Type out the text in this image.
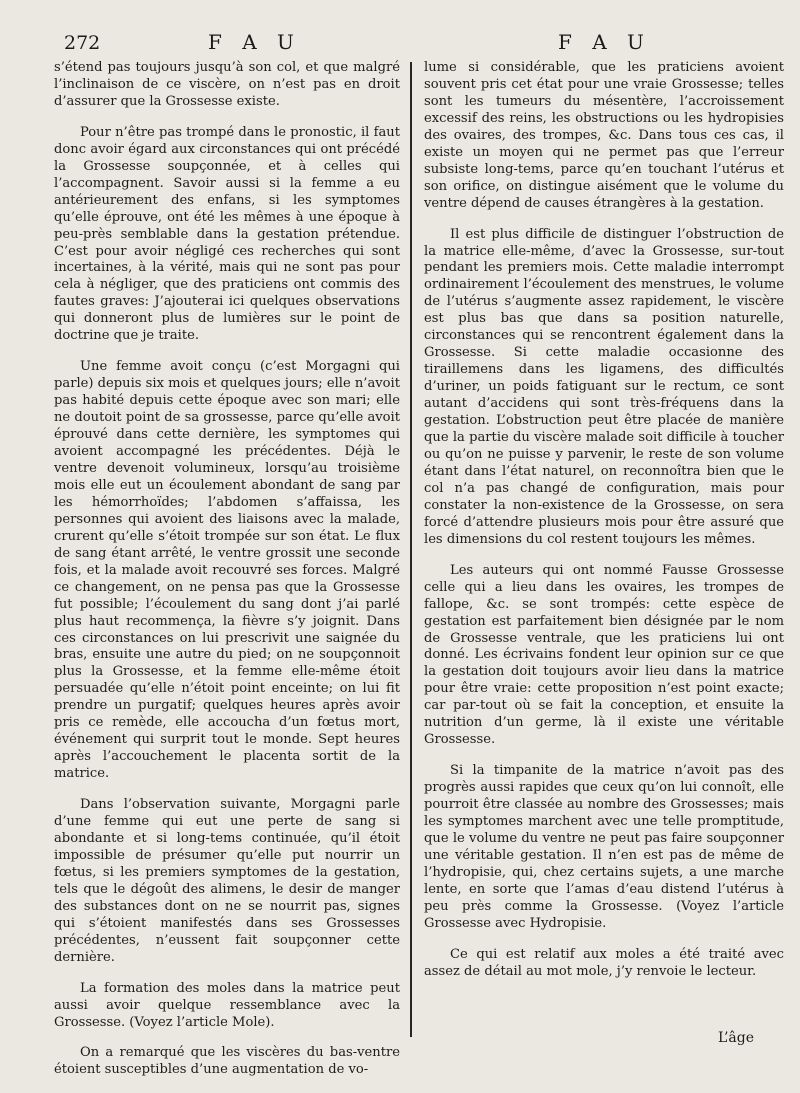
272	F A U	F A U

s’étend pas toujours jusqu’à son col, et que malgré l’inclinaison de ce viscère, on n’est pas en droit d’assurer que la Grossesse existe.

Pour n’être pas trompé dans le pronostic, il faut donc avoir égard aux circonstances qui ont précédé la Grossesse soupçonnée, et à celles qui l’accompagnent. Savoir aussi si la femme a eu antérieurement des enfans, si les symptomes qu’elle éprouve, ont été les mêmes à une époque à peu-près semblable dans la gestation prétendue. C’est pour avoir négligé ces recherches qui sont incertaines, à la vérité, mais qui ne sont pas pour cela à négliger, que des praticiens ont commis des fautes graves: J’ajouterai ici quelques observations qui donneront plus de lumières sur le point de doctrine que je traite.

Une femme avoit conçu (c’est Morgagni qui parle) depuis six mois et quelques jours; elle n’avoit pas habité depuis cette époque avec son mari; elle ne doutoit point de sa grossesse, parce qu’elle avoit éprouvé dans cette dernière, les symptomes qui avoient accompagné les précédentes. Déjà le ventre devenoit volumineux, lorsqu’au troisième mois elle eut un écoulement abondant de sang par les hémorrhoïdes; l’abdomen s’affaissa, les personnes qui avoient des liaisons avec la malade, crurent qu’elle s’étoit trompée sur son état. Le flux de sang étant arrêté, le ventre grossit une seconde fois, et la malade avoit recouvré ses forces. Malgré ce changement, on ne pensa pas que la Grossesse fut possible; l’écoulement du sang dont j’ai parlé plus haut recommença, la fièvre s’y joignit. Dans ces circonstances on lui prescrivit une saignée du bras, ensuite une autre du pied; on ne soupçonnoit plus la Grossesse, et la femme elle-même étoit persuadée qu’elle n’étoit point enceinte; on lui fit prendre un purgatif; quelques heures après avoir pris ce remède, elle accoucha d’un fœtus mort, événement qui surprit tout le monde. Sept heures après l’accouchement le placenta sortit de la matrice.

Dans l’observation suivante, Morgagni parle d’une femme qui eut une perte de sang si abondante et si long-tems continuée, qu’il étoit impossible de présumer qu’elle put nourrir un fœtus, si les premiers symptomes de la gestation, tels que le dégoût des alimens, le desir de manger des substances dont on ne se nourrit pas, signes qui s’étoient manifestés dans ses Grossesses précédentes, n’eussent fait soupçonner cette dernière.

La formation des moles dans la matrice peut aussi avoir quelque ressemblance avec la Grossesse. (Voyez l’article Mole).

On a remarqué que les viscères du bas-ventre étoient susceptibles d’une augmentation de vo-

lume si considérable, que les praticiens avoient souvent pris cet état pour une vraie Grossesse; telles sont les tumeurs du mésentère, l’accroissement excessif des reins, les obstructions ou les hydropisies des ovaires, des trompes, &c. Dans tous ces cas, il existe un moyen qui ne permet pas que l’erreur subsiste long-tems, parce qu’en touchant l’utérus et son orifice, on distingue aisément que le volume du ventre dépend de causes étrangères à la gestation.

Il est plus difficile de distinguer l’obstruction de la matrice elle-même, d’avec la Grossesse, sur-tout pendant les premiers mois. Cette maladie interrompt ordinairement l’écoulement des menstrues, le volume de l’utérus s’augmente assez rapidement, le viscère est plus bas que dans sa position naturelle, circonstances qui se rencontrent également dans la Grossesse. Si cette maladie occasionne des tiraillemens dans les ligamens, des difficultés d’uriner, un poids fatiguant sur le rectum, ce sont autant d’accidens qui sont très-fréquens dans la gestation. L’obstruction peut être placée de manière que la partie du viscère malade soit difficile à toucher ou qu’on ne puisse y parvenir, le reste de son volume étant dans l’état naturel, on reconnoîtra bien que le col n’a pas changé de configuration, mais pour constater la non-existence de la Grossesse, on sera forcé d’attendre plusieurs mois pour être assuré que les dimensions du col restent toujours les mêmes.

Les auteurs qui ont nommé Fausse Grossesse celle qui a lieu dans les ovaires, les trompes de fallope, &c. se sont trompés: cette espèce de gestation est parfaitement bien désignée par le nom de Grossesse ventrale, que les praticiens lui ont donné. Les écrivains fondent leur opinion sur ce que la gestation doit toujours avoir lieu dans la matrice pour être vraie: cette proposition n’est point exacte; car par-tout où se fait la conception, et ensuite la nutrition d’un germe, là il existe une véritable Grossesse.

Si la timpanite de la matrice n’avoit pas des progrès aussi rapides que ceux qu’on lui connoît, elle pourroit être classée au nombre des Grossesses; mais les symptomes marchent avec une telle promptitude, que le volume du ventre ne peut pas faire soupçonner une véritable gestation. Il n’en est pas de même de l’hydropisie, qui, chez certains sujets, a une marche lente, en sorte que l’amas d’eau distend l’utérus à peu près comme la Grossesse. (Voyez l’article Grossesse avec Hydropisie.

Ce qui est relatif aux moles a été traité avec assez de détail au mot mole, j’y renvoie le lecteur.

L’âge
